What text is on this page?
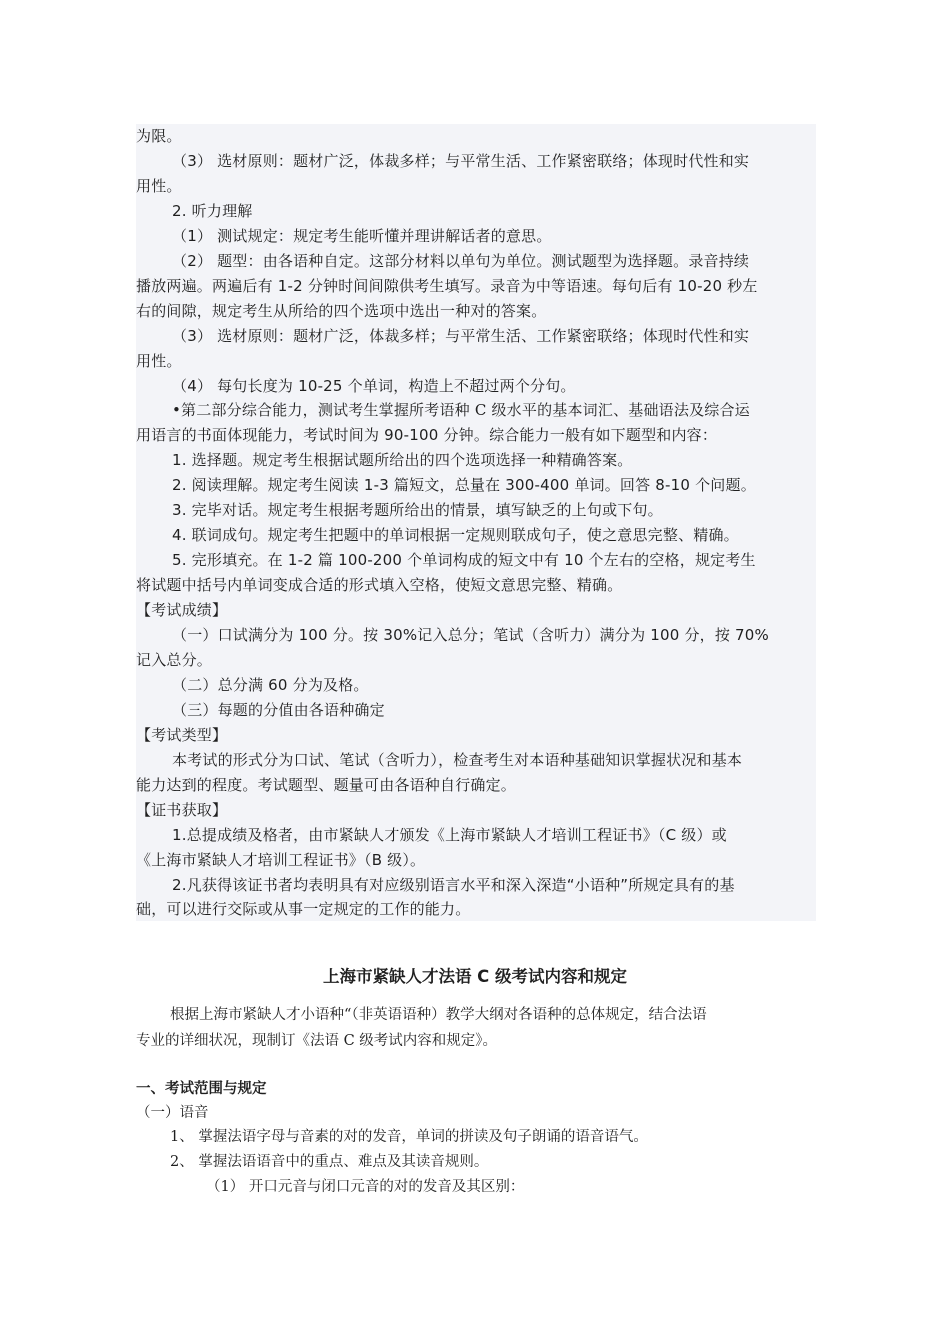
为限。
（3） 选材原则：题材广泛，体裁多样；与平常生活、工作紧密联络；体现时代性和实
用性。
2. 听力理解
（1） 测试规定：规定考生能听懂并理讲解话者的意思。
（2） 题型：由各语种自定。这部分材料以单句为单位。测试题型为选择题。录音持续
播放两遍。两遍后有 1-2 分钟时间间隙供考生填写。录音为中等语速。每句后有 10-20 秒左
右的间隙，规定考生从所给的四个选项中选出一种对的答案。
（3） 选材原则：题材广泛，体裁多样；与平常生活、工作紧密联络；体现时代性和实
用性。
（4） 每句长度为 10-25 个单词，构造上不超过两个分句。
•第二部分综合能力，测试考生掌握所考语种 C 级水平的基本词汇、基础语法及综合运
用语言的书面体现能力，考试时间为 90-100 分钟。综合能力一般有如下题型和内容：
1. 选择题。规定考生根据试题所给出的四个选项选择一种精确答案。
2. 阅读理解。规定考生阅读 1-3 篇短文，总量在 300-400 单词。回答 8-10 个问题。
3. 完毕对话。规定考生根据考题所给出的情景，填写缺乏的上句或下句。
4. 联词成句。规定考生把题中的单词根据一定规则联成句子，使之意思完整、精确。
5. 完形填充。在 1-2 篇 100-200 个单词构成的短文中有 10 个左右的空格，规定考生
将试题中括号内单词变成合适的形式填入空格，使短文意思完整、精确。
【考试成绩】
（一）口试满分为 100 分。按 30%记入总分；笔试（含听力）满分为 100 分，按 70%
记入总分。
（二）总分满 60 分为及格。
（三）每题的分值由各语种确定
【考试类型】
本考试的形式分为口试、笔试（含听力），检查考生对本语种基础知识掌握状况和基本
能力达到的程度。考试题型、题量可由各语种自行确定。
【证书获取】
1.总提成绩及格者，由市紧缺人才颁发《上海市紧缺人才培训工程证书》（C 级）或
《上海市紧缺人才培训工程证书》（B 级）。
2.凡获得该证书者均表明具有对应级别语言水平和深入深造“小语种”所规定具有的基
础，可以进行交际或从事一定规定的工作的能力。
上海市紧缺人才法语 C 级考试内容和规定
根据上海市紧缺人才小语种“（非英语语种）教学大纲对各语种的总体规定，结合法语
专业的详细状况，现制订《法语 C 级考试内容和规定》。
一、考试范围与规定
（一）语音
1、 掌握法语字母与音素的对的发音，单词的拼读及句子朗诵的语音语气。
2、 掌握法语语音中的重点、难点及其读音规则。
（1） 开口元音与闭口元音的对的发音及其区别：
